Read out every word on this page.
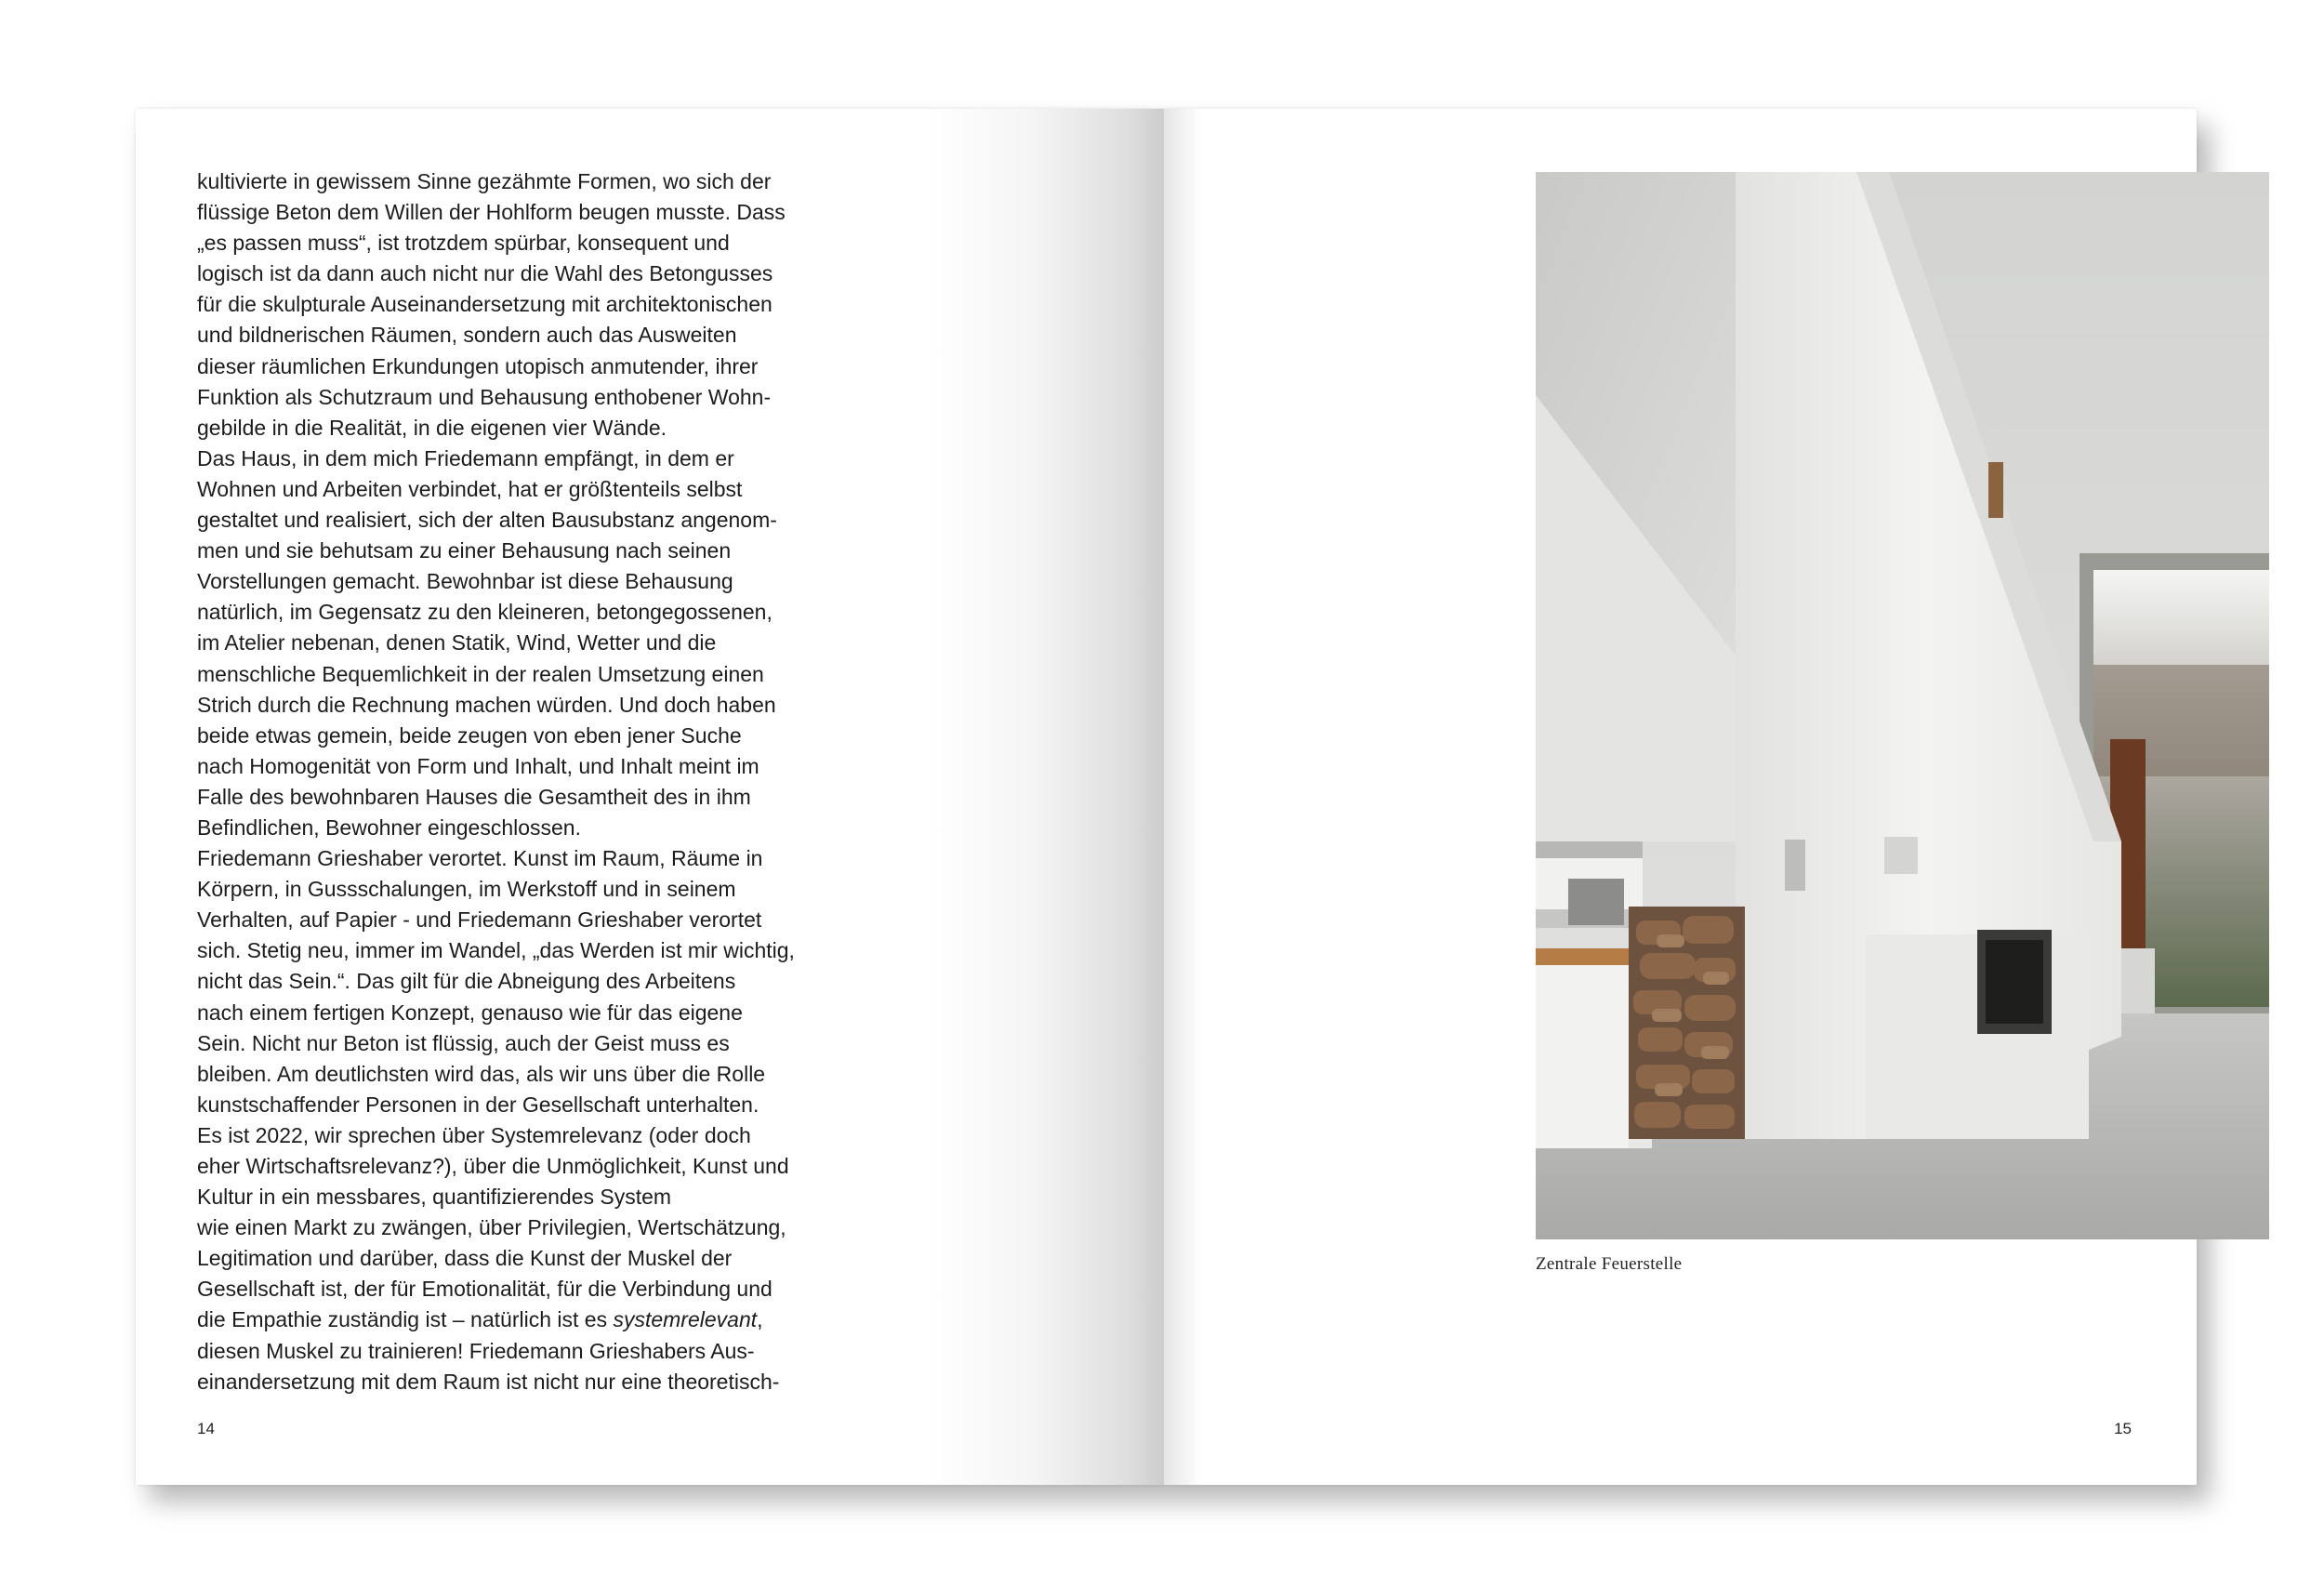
kultivierte in gewissem Sinne gezähmte Formen, wo sich der
flüssige Beton dem Willen der Hohlform beugen musste. Dass
„es passen muss“, ist trotzdem spürbar, konsequent und
logisch ist da dann auch nicht nur die Wahl des Betongusses
für die skulpturale Auseinandersetzung mit architektonischen
und bildnerischen Räumen, sondern auch das Ausweiten
dieser räumlichen Erkundungen utopisch anmutender, ihrer
Funktion als Schutzraum und Behausung enthobener Wohn-
gebilde in die Realität, in die eigenen vier Wände.
Das Haus, in dem mich Friedemann empfängt, in dem er
Wohnen und Arbeiten verbindet, hat er größtenteils selbst
gestaltet und realisiert, sich der alten Bausubstanz angenom-
men und sie behutsam zu einer Behausung nach seinen
Vorstellungen gemacht. Bewohnbar ist diese Behausung
natürlich, im Gegensatz zu den kleineren, betongegossenen,
im Atelier nebenan, denen Statik, Wind, Wetter und die
menschliche Bequemlichkeit in der realen Umsetzung einen
Strich durch die Rechnung machen würden. Und doch haben
beide etwas gemein, beide zeugen von eben jener Suche
nach Homogenität von Form und Inhalt, und Inhalt meint im
Falle des bewohnbaren Hauses die Gesamtheit des in ihm
Befindlichen, Bewohner eingeschlossen.
Friedemann Grieshaber verortet. Kunst im Raum, Räume in
Körpern, in Gussschalungen, im Werkstoff und in seinem
Verhalten, auf Papier - und Friedemann Grieshaber verortet
sich. Stetig neu, immer im Wandel, „das Werden ist mir wichtig,
nicht das Sein.“. Das gilt für die Abneigung des Arbeitens
nach einem fertigen Konzept, genauso wie für das eigene
Sein. Nicht nur Beton ist flüssig, auch der Geist muss es
bleiben. Am deutlichsten wird das, als wir uns über die Rolle
kunstschaffender Personen in der Gesellschaft unterhalten.
Es ist 2022, wir sprechen über Systemrelevanz (oder doch
eher Wirtschaftsrelevanz?), über die Unmöglichkeit, Kunst und
Kultur in ein messbares, quantifizierendes System
wie einen Markt zu zwängen, über Privilegien, Wertschätzung,
Legitimation und darüber, dass die Kunst der Muskel der
Gesellschaft ist, der für Emotionalität, für die Verbindung und
die Empathie zuständig ist – natürlich ist es systemrelevant,
diesen Muskel zu trainieren! Friedemann Grieshabers Aus-
einandersetzung mit dem Raum ist nicht nur eine theoretisch-
14
Zentrale Feuerstelle
15
